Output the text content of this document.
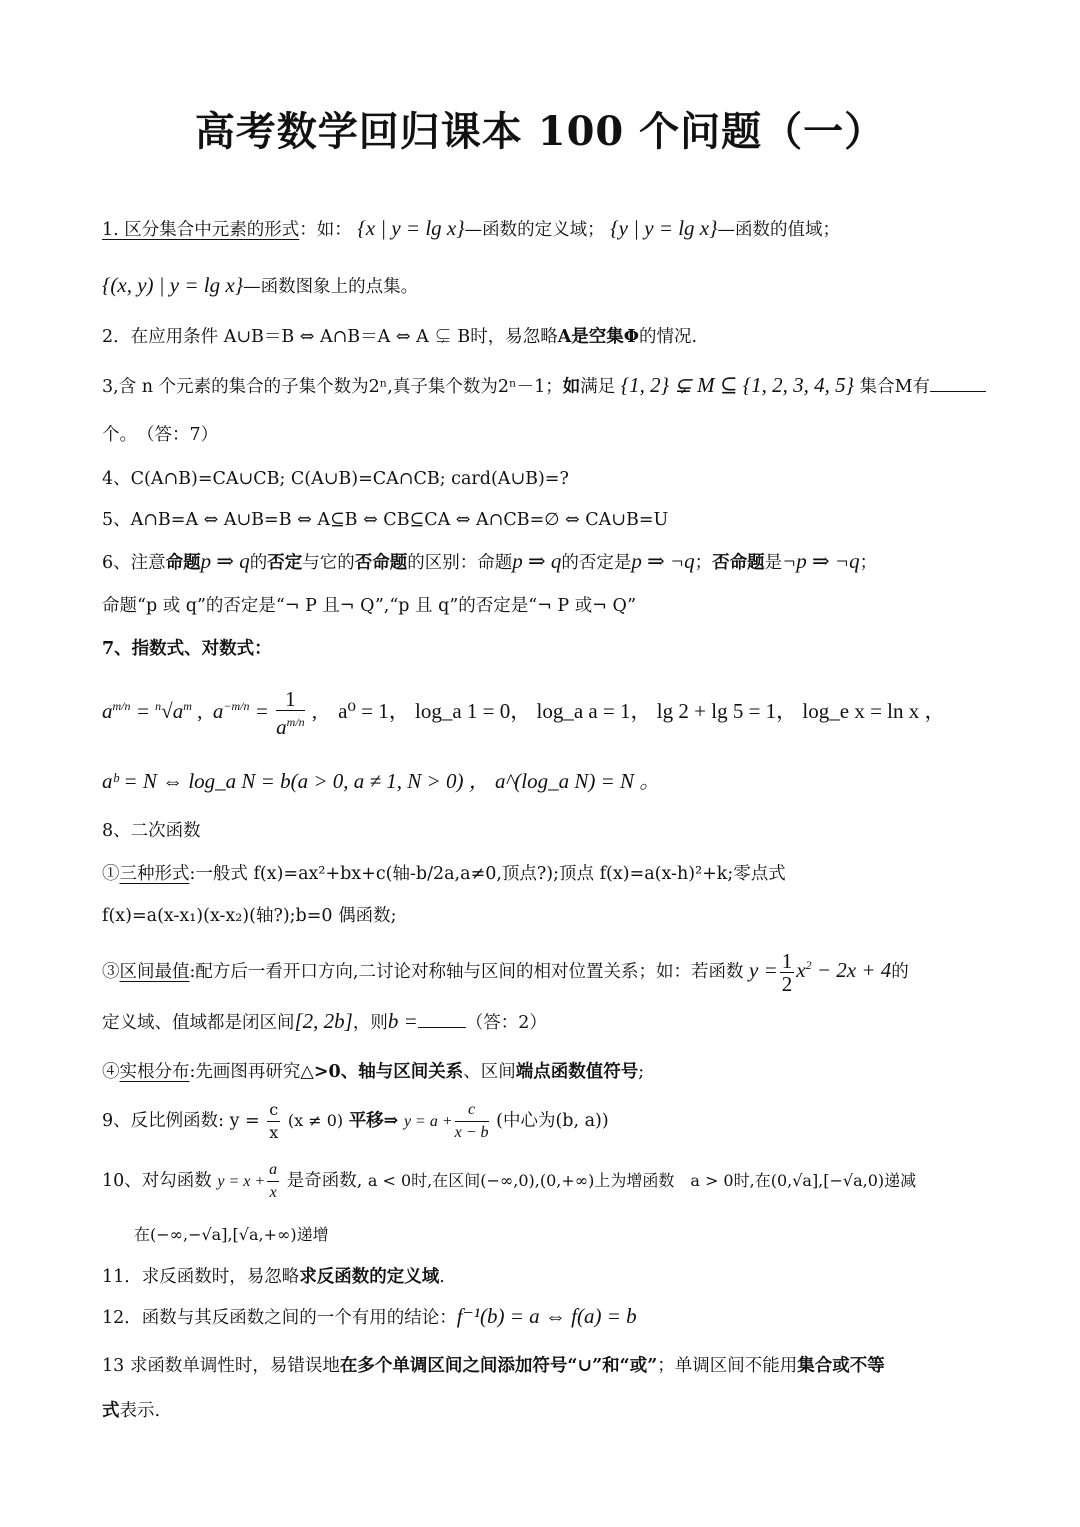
高考数学回归课本 100 个问题（一）
1. 区分集合中元素的形式：如： {x | y = lg x}—函数的定义域； {y | y = lg x}—函数的值域；
{(x, y) | y = lg x}—函数图象上的点集。
2．在应用条件 A∪B＝B ⇔ A∩B＝A ⇔ A ⊊ B时，易忽略A是空集Φ的情况.
3,含 n 个元素的集合的子集个数为2ⁿ,真子集个数为2ⁿ－1；如满足 {1, 2} ⊊ M ⊆ {1, 2, 3, 4, 5} 集合M有
个。　（答：7）
4、C(A∩B)=CA∪CB; C(A∪B)=CA∩CB; card(A∪B)=?
5、A∩B=A ⇔ A∪B=B ⇔ A⊆B ⇔ CB⊆CA ⇔ A∩CB=∅ ⇔ CA∪B=U
6、注意命题p ⇒ q的否定与它的否命题的区别：命题p ⇒ q的否定是p ⇒ ¬q；否命题是¬p ⇒ ¬q；
命题“p 或 q”的否定是“¬ P 且¬ Q”,“p 且 q”的否定是“¬ P 或¬ Q”
7、指数式、对数式：
$a^{m/n} = ^n√a^m$ ,  $a^{-m/n} = \frac{1}{a^{m/n}}$ ,　a⁰ = 1， log_a 1 = 0， log_a a = 1， lg 2 + lg 5 = 1， log_e x = ln x ，
aᵇ = N ⇔ log_a N = b(a > 0, a ≠ 1, N > 0) ， a^(log_a N) = N 。
8、二次函数
①三种形式:一般式 f(x)=ax²+bx+c(轴-b/2a,a≠0,顶点?);顶点 f(x)=a(x-h)²+k;零点式
f(x)=a(x-x₁)(x-x₂)(轴?);b=0 偶函数;
③区间最值:配方后一看开口方向,二讨论对称轴与区间的相对位置关系；如：若函数 $y = \frac{1}{2} x^2 - 2x + 4$的
定义域、值域都是闭区间[2, 2b]，则b =	（答：2）
④实根分布:先画图再研究△>0、轴与区间关系、区间端点函数值符号;
9、反比例函数: $y = \frac{c}{x} (x \ne 0)$ 平移⇒ $y = a + \frac{c}{x - b}$ (中心为(b, a))
10、对勾函数 $y = x + \frac{a}{x}$ 是奇函数, a < 0时,在区间(−∞,0),(0,+∞)上为增函数　a > 0时,在(0,√a],[−√a,0)递减
在(−∞,−√a],[√a,+∞)递增
11．求反函数时，易忽略求反函数的定义域.
12．函数与其反函数之间的一个有用的结论：f⁻¹(b) = a ⇔ f(a) = b
13 求函数单调性时，易错误地在多个单调区间之间添加符号“∪”和“或”；单调区间不能用集合或不等
式表示.
